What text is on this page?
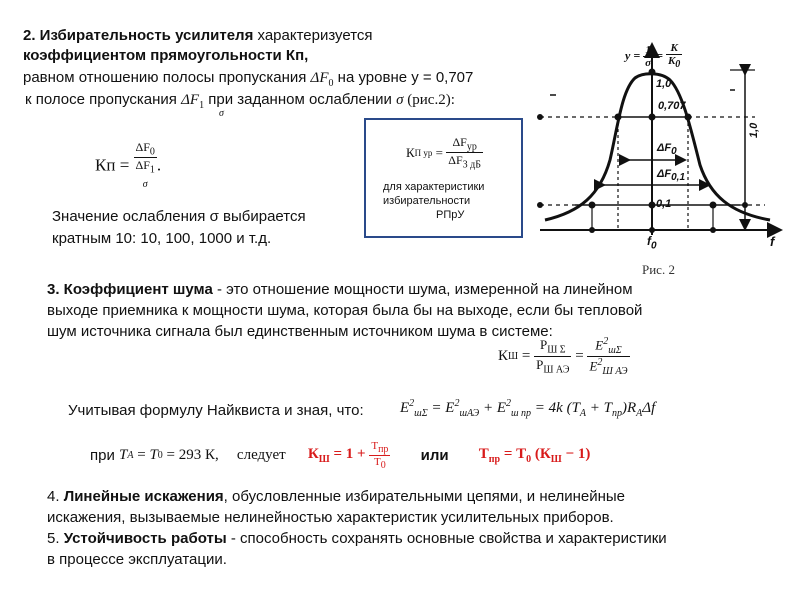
2. Избирательность усилителя характеризуется
коэффициентом прямоугольности Кп,
равном отношению полосы пропускания $\Delta F_0$ на уровне y = 0,707
к полосе пропускания $\Delta F_1$ при заданном ослаблении σ (рис.2):
σ
Кп =
$\Delta F_0$
$\Delta F_1$
σ
.
Значение ослабления σ выбирается
кратным 10: 10, 100, 1000 и т.д.
КП ур = $\frac{\Delta F_{ур}}{\Delta F_{3 дБ}}$
для характеристики
избирательности
РПрУ
$y = \frac{1}{\sigma} = \frac{K}{K_0}$
1,0
0,707
0,1
$\Delta F_0$
$\Delta F_{0,1}$
1,0
$f_0$	f
Рис. 2
3. Коэффициент шума - это отношение мощности шума, измеренной на линейном
выходе приемника к мощности шума, которая была бы на выходе, если бы тепловой
шум источника сигнала был единственным источником шума в системе:
КШ = $\frac{Р_{Ш \Sigma}}{Р_{Ш АЭ}} = \frac{E^2_{ш\Sigma}}{E^2_{Ш АЭ}}$
Учитывая формулу Найквиста и зная, что: $E^2_{ш\Sigma} = E^2_{шАЭ} + E^2_{ш пр} = 4k$ $(T_A + T_{пр})R_A\Delta f$
при TA = T0 = 293 К, следует $К_Ш = 1 + \frac{Т_{пр}}{Т_0}$ или $Т_{пр} = Т_0$ $(К_Ш - 1)$
4. Линейные искажения, обусловленные избирательными цепями, и нелинейные
искажения, вызываемые нелинейностью характеристик усилительных приборов.
5. Устойчивость работы - способность сохранять основные свойства и характеристики
в процессе эксплуатации.
